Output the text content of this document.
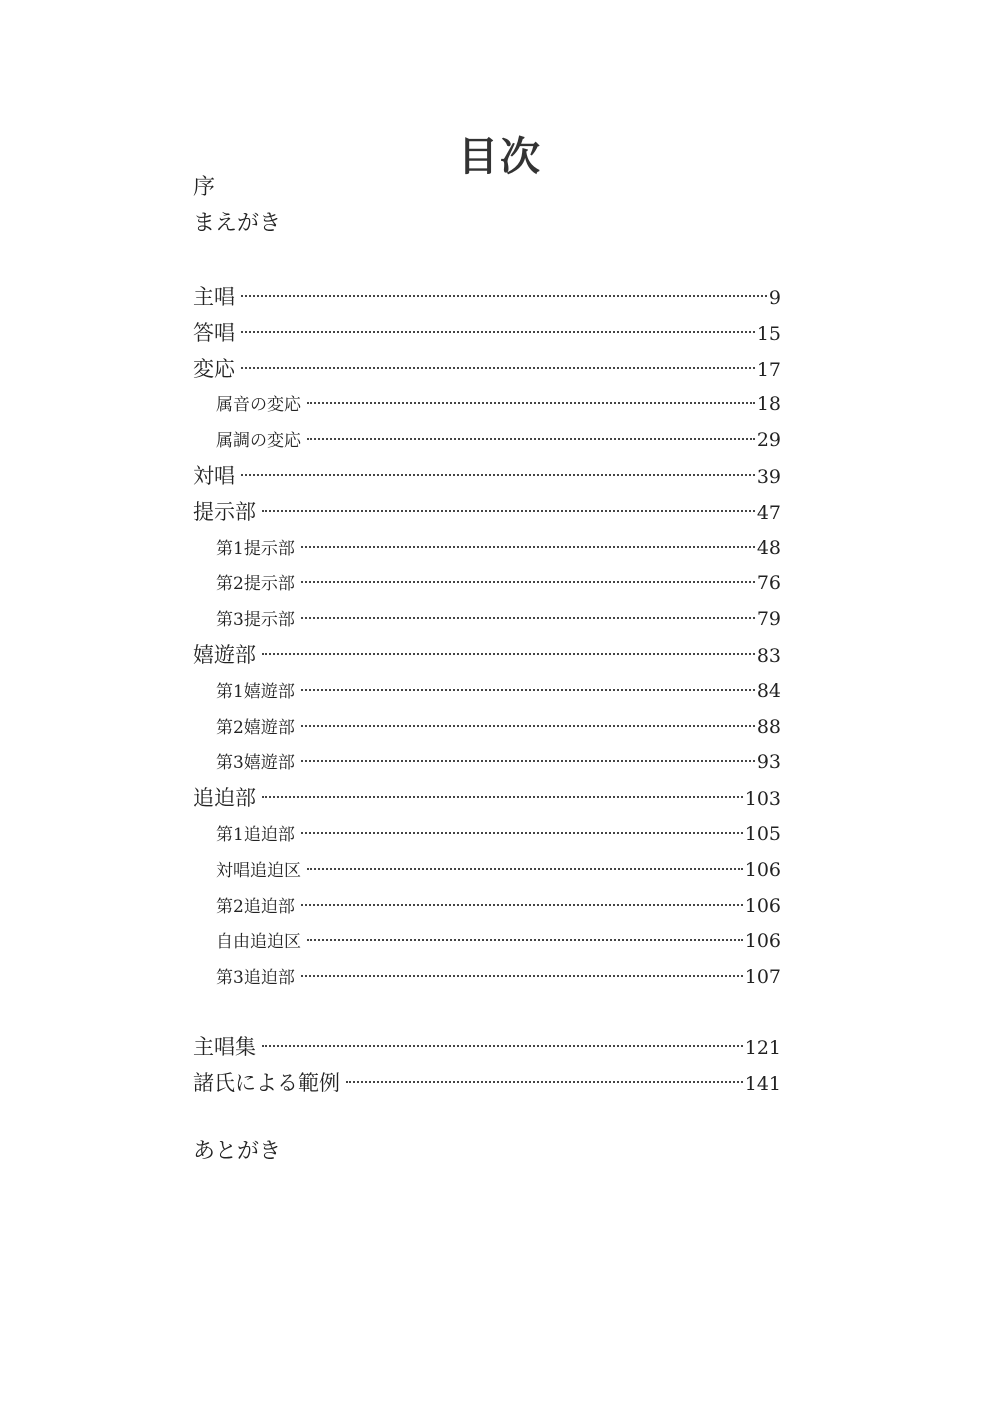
目次
序
まえがき
主唱	9
答唱	15
変応	17
属音の変応	18
属調の変応	29
対唱	39
提示部	47
第1提示部	48
第2提示部	76
第3提示部	79
嬉遊部	83
第1嬉遊部	84
第2嬉遊部	88
第3嬉遊部	93
追迫部	103
第1追迫部	105
対唱追迫区	106
第2追迫部	106
自由追迫区	106
第3追迫部	107
主唱集	121
諸氏による範例	141
あとがき
